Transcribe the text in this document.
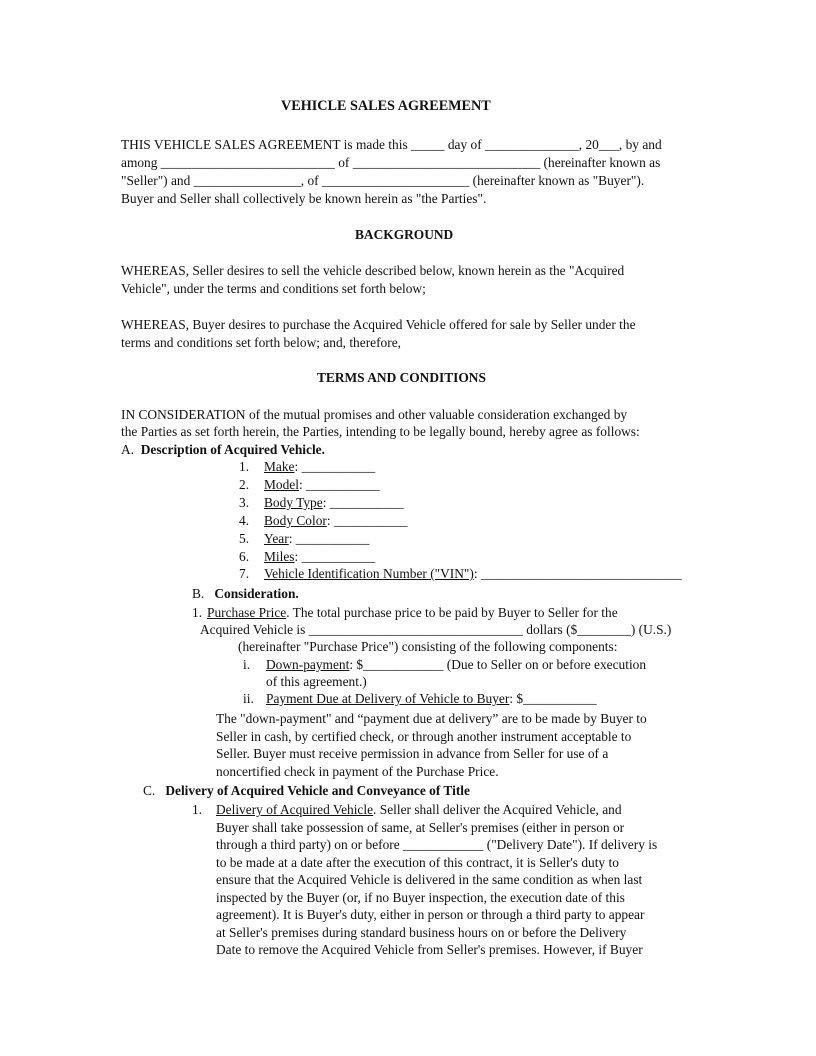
VEHICLE SALES AGREEMENT
THIS VEHICLE SALES AGREEMENT is made this _____ day of ______________, 20___, by and
among __________________________ of ____________________________ (hereinafter known as
"Seller") and ________________, of ______________________ (hereinafter known as "Buyer").
Buyer and Seller shall collectively be known herein as "the Parties".
BACKGROUND
WHEREAS, Seller desires to sell the vehicle described below, known herein as the "Acquired
Vehicle", under the terms and conditions set forth below;
WHEREAS, Buyer desires to purchase the Acquired Vehicle offered for sale by Seller under the
terms and conditions set forth below; and, therefore,
TERMS AND CONDITIONS
IN CONSIDERATION of the mutual promises and other valuable consideration exchanged by
the Parties as set forth herein, the Parties, intending to be legally bound, hereby agree as follows:
A. Description of Acquired Vehicle.
1. Make: ___________
2. Model: ___________
3. Body Type: ___________
4. Body Color: ___________
5. Year: ___________
6. Miles: ___________
7. Vehicle Identification Number ("VIN"): ______________________________
B. Consideration.
1. Purchase Price. The total purchase price to be paid by Buyer to Seller for the
Acquired Vehicle is ________________________________ dollars ($________) (U.S.)
(hereinafter "Purchase Price") consisting of the following components:
i. Down-payment: $____________ (Due to Seller on or before execution
of this agreement.)
ii. Payment Due at Delivery of Vehicle to Buyer: $___________
The "down-payment" and “payment due at delivery” are to be made by Buyer to
Seller in cash, by certified check, or through another instrument acceptable to
Seller. Buyer must receive permission in advance from Seller for use of a
noncertified check in payment of the Purchase Price.
C. Delivery of Acquired Vehicle and Conveyance of Title
1. Delivery of Acquired Vehicle. Seller shall deliver the Acquired Vehicle, and
Buyer shall take possession of same, at Seller's premises (either in person or
through a third party) on or before ____________ ("Delivery Date"). If delivery is
to be made at a date after the execution of this contract, it is Seller's duty to
ensure that the Acquired Vehicle is delivered in the same condition as when last
inspected by the Buyer (or, if no Buyer inspection, the execution date of this
agreement). It is Buyer's duty, either in person or through a third party to appear
at Seller's premises during standard business hours on or before the Delivery
Date to remove the Acquired Vehicle from Seller's premises. However, if Buyer
